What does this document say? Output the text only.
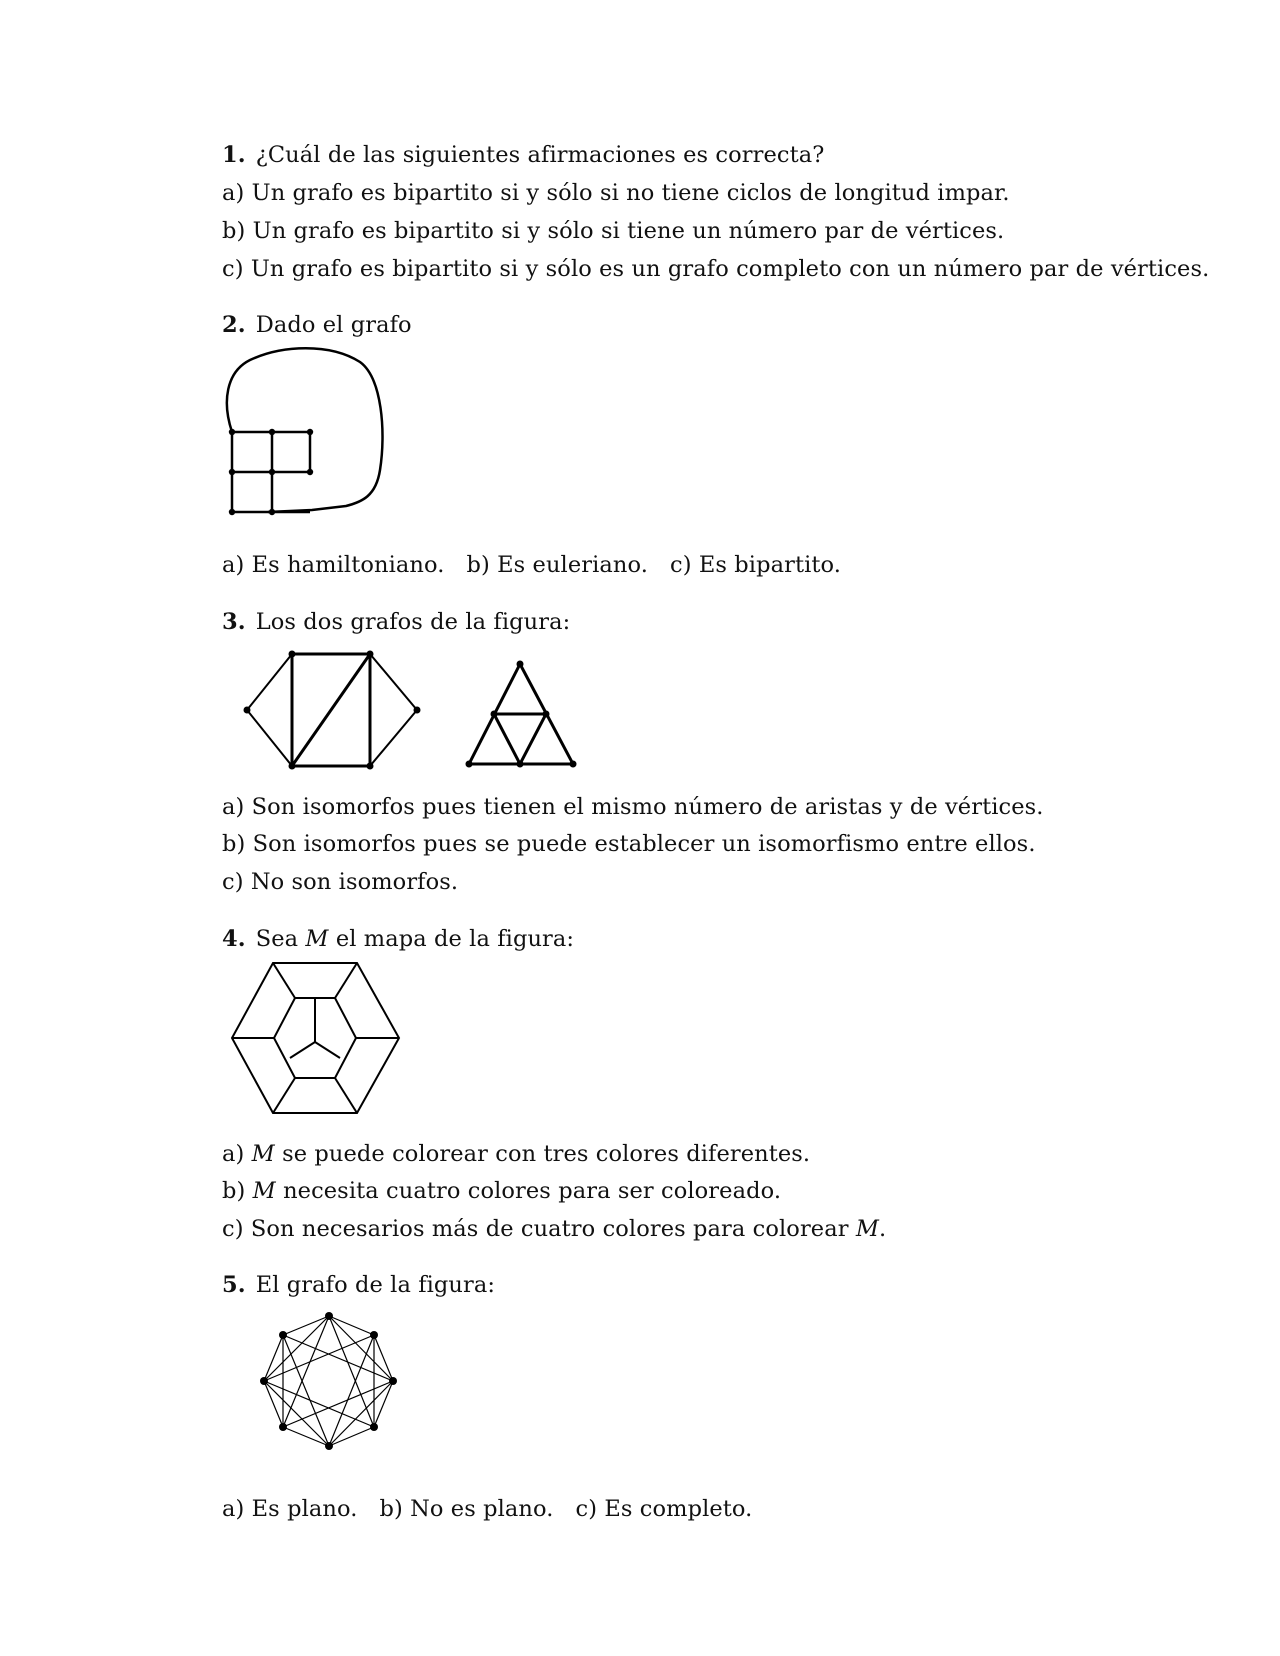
1. ¿Cuál de las siguientes afirmaciones es correcta?
a) Un grafo es bipartito si y sólo si no tiene ciclos de longitud impar.
b) Un grafo es bipartito si y sólo si tiene un número par de vértices.
c) Un grafo es bipartito si y sólo es un grafo completo con un número par de vértices.
2. Dado el grafo
a) Es hamiltoniano. b) Es euleriano. c) Es bipartito.
3. Los dos grafos de la figura:
a) Son isomorfos pues tienen el mismo número de aristas y de vértices.
b) Son isomorfos pues se puede establecer un isomorfismo entre ellos.
c) No son isomorfos.
4. Sea M el mapa de la figura:
a) M se puede colorear con tres colores diferentes.
b) M necesita cuatro colores para ser coloreado.
c) Son necesarios más de cuatro colores para colorear M.
5. El grafo de la figura:
a) Es plano. b) No es plano. c) Es completo.
